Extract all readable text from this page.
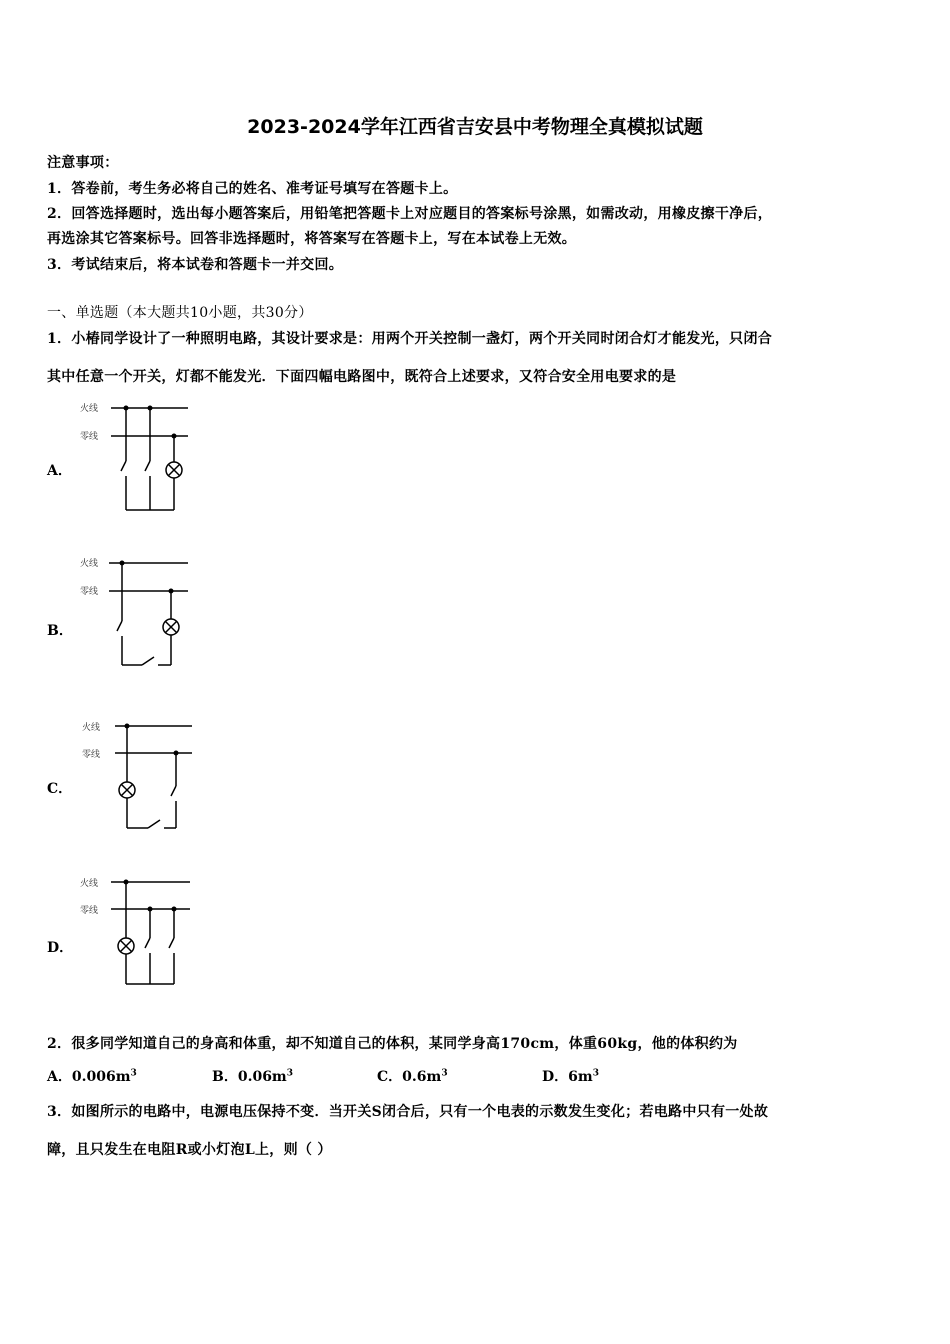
2023-2024学年江西省吉安县中考物理全真模拟试题
注意事项：
1．答卷前，考生务必将自己的姓名、准考证号填写在答题卡上。
2．回答选择题时，选出每小题答案后，用铅笔把答题卡上对应题目的答案标号涂黑，如需改动，用橡皮擦干净后，
再选涂其它答案标号。回答非选择题时，将答案写在答题卡上，写在本试卷上无效。
3．考试结束后，将本试卷和答题卡一并交回。
一、单选题（本大题共10小题，共30分）
1．小椿同学设计了一种照明电路，其设计要求是：用两个开关控制一盏灯，两个开关同时闭合灯才能发光，只闭合
其中任意一个开关，灯都不能发光．下面四幅电路图中，既符合上述要求，又符合安全用电要求的是
A．
火线
零线
B．
火线
零线
C．
火线
零线
D．
火线
零线
2．很多同学知道自己的身高和体重，却不知道自己的体积，某同学身高170cm，体重60kg，他的体积约为
A．$0.006m^3$	B．$0.06m^3$	C．$0.6m^3$	D．$6m^3$
3．如图所示的电路中，电源电压保持不变．当开关S闭合后，只有一个电表的示数发生变化；若电路中只有一处故
障，且只发生在电阻R或小灯泡L上，则（ ）
